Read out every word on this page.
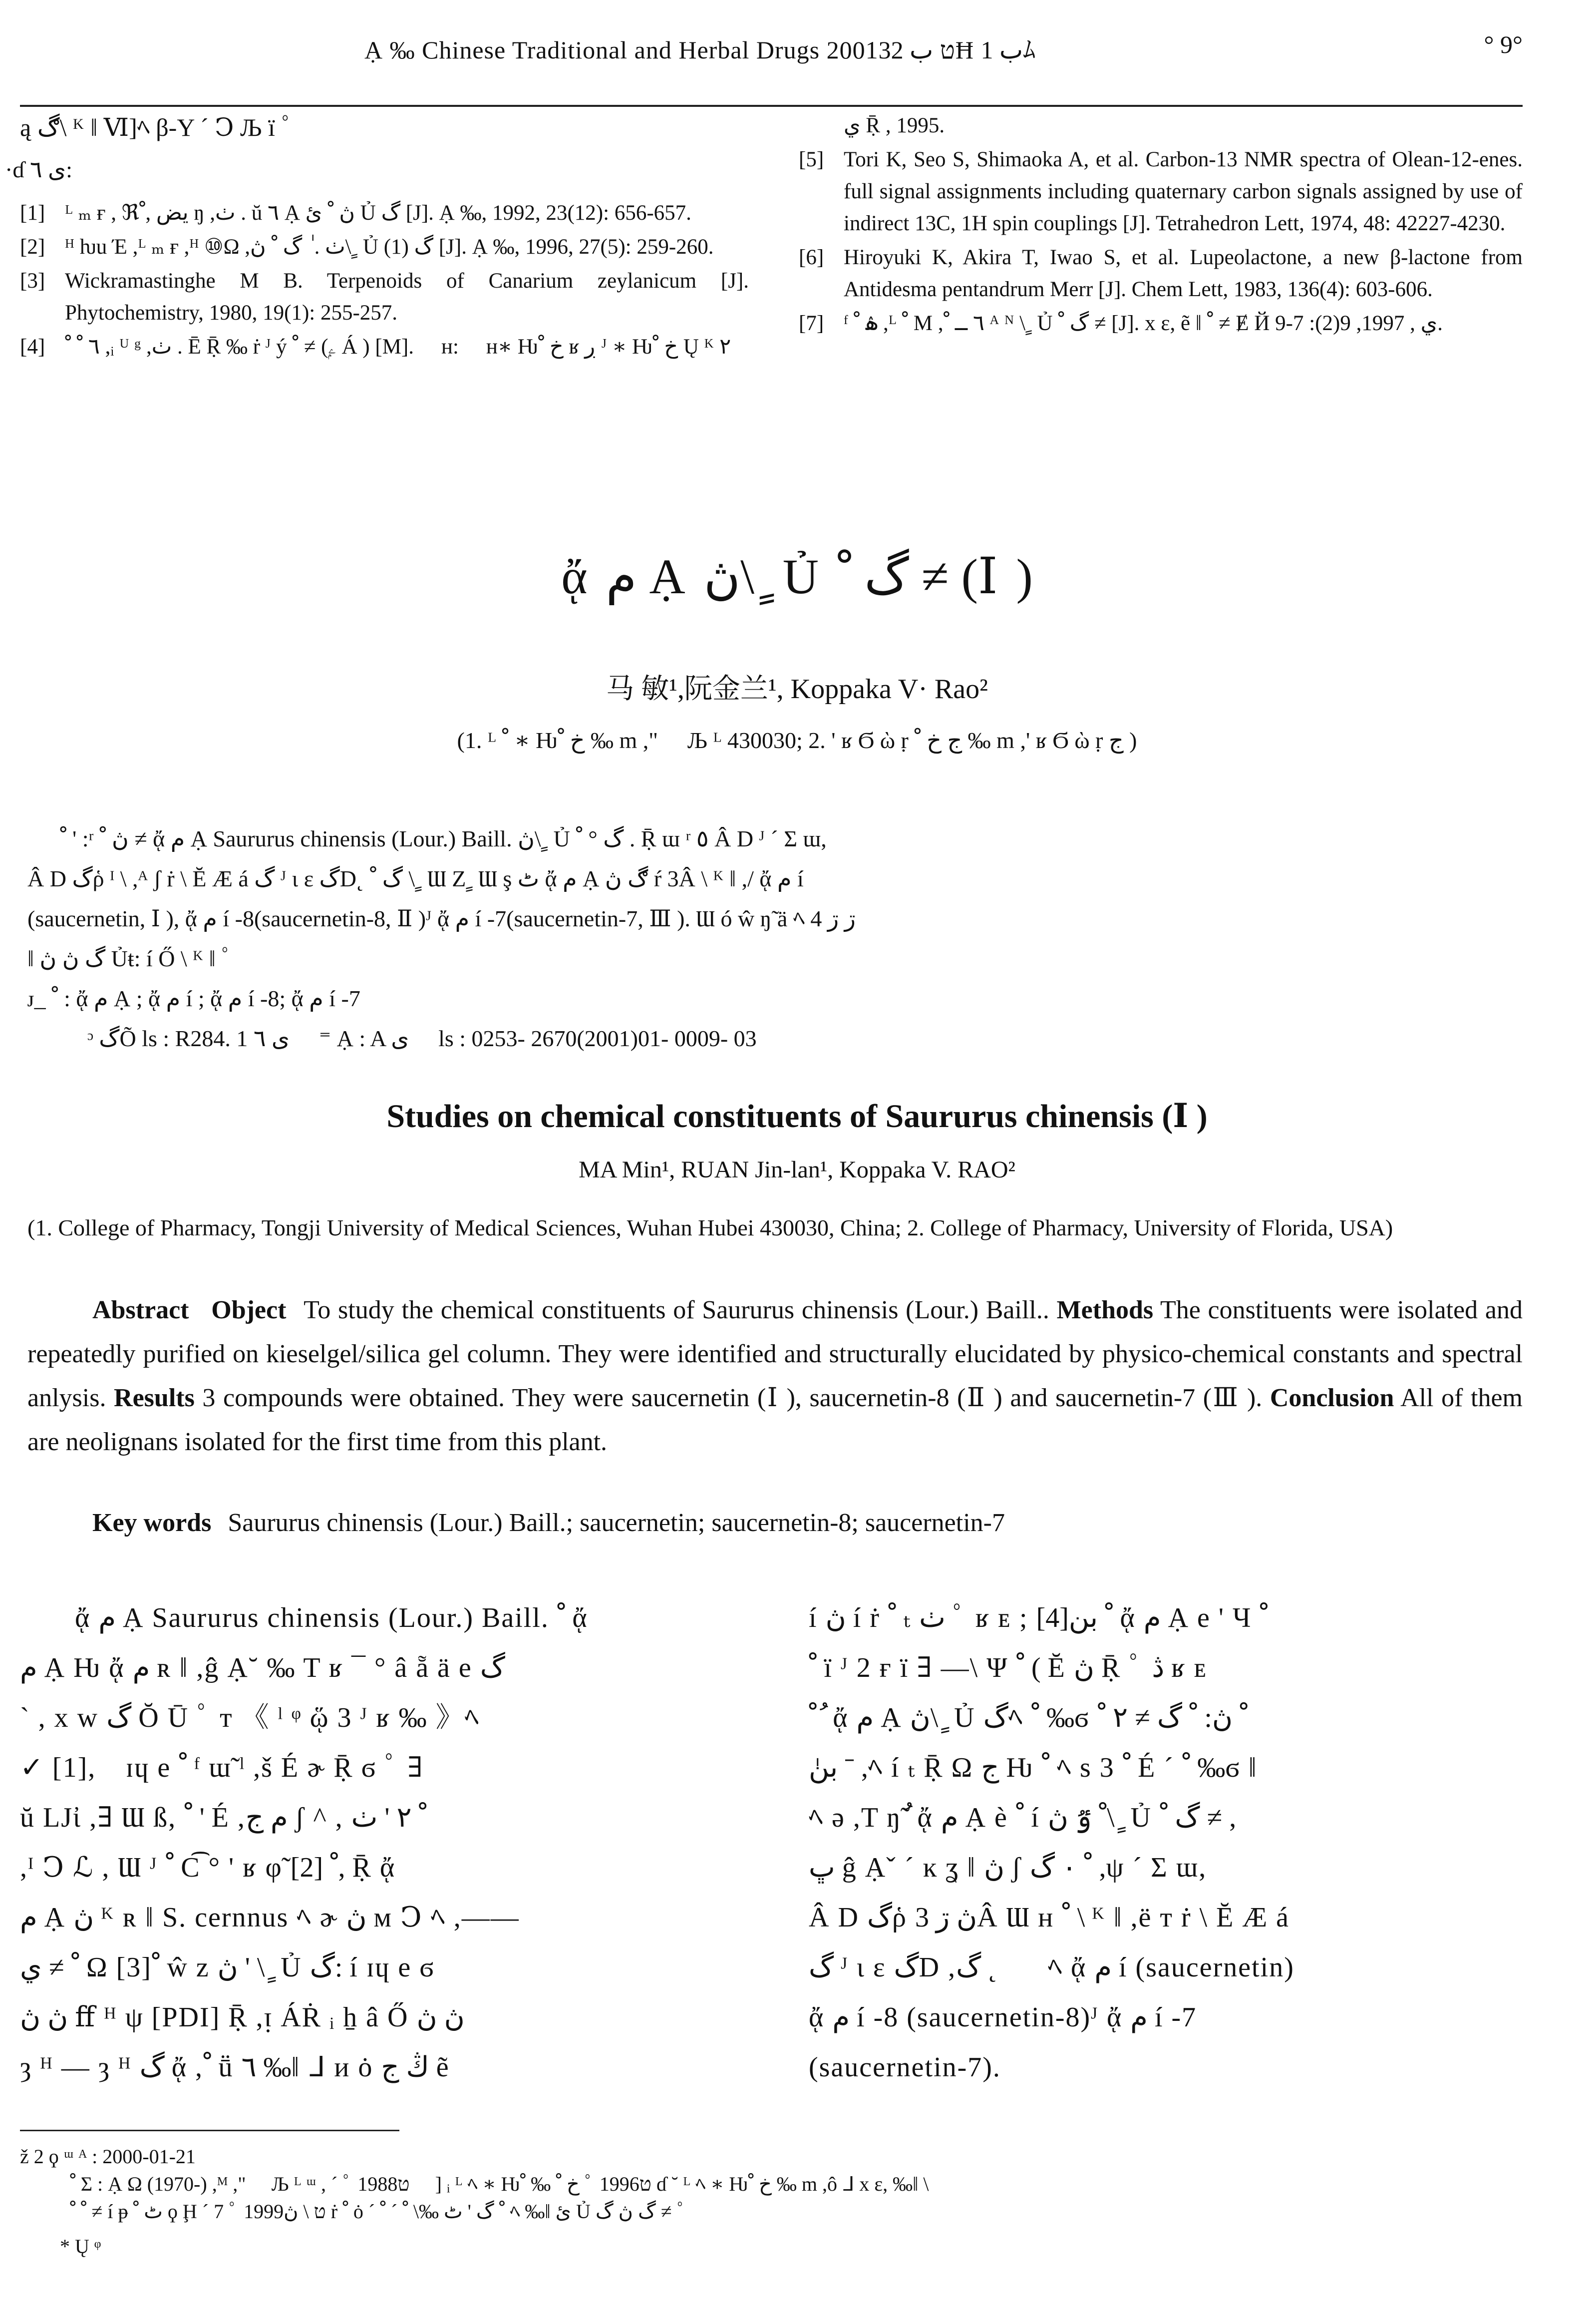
Ạ ‰ Chinese Traditional and Herbal Drugs 2001ט ب 32Ħ ب 1ﾑ	° 9°
ą ڰ\ ᴷ ǁ Ⅵ]ﾍ β-Y ˊ Ↄ Љ ï ﾟ
·ɗ ى ٦:
[1] ᴸ ₘ ғ , ℜيض ,ﹾ ŋ ,ٺ . ŭ ٦ Ạ ڽ ﹾ ئ Ủ گ [J]. Ạ ‰, 1992, 23(12): 656-657.
[2] ᴴ ƕu Έ ,ᴸ ₘ ғ ,ᴴ ⑩Ω ,ٺ . ٰ گ ﹾ ڽ\ ٍ Ủ گ (1) [J]. Ạ ‰, 1996, 27(5): 259-260.
[3] Wickramastinghe M B. Terpenoids of Canarium zeylanicum [J]. Phytochemistry, 1980, 19(1): 255-257.
[4] ٦ ﹾ ﹾ ,ᵢ ᵁ ᵍ ,ٺ . Ē Ṝ ‰ ṙ ᴶ ý ﹾ ≠ (ۦۭ Á ) [M]. ⃞ ʜ: ⃞ ʜ∗ Ƕخ ﹾ ʁ ڔ ᴶ ∗ Ƕخ ﹾ Ų ᴷ ٢
ي Ṝ , 1995.
[5] Tori K, Seo S, Shimaoka A, et al. Carbon-13 NMR spectra of Olean-12-enes. full signal assignments including quaternary carbon signals assigned by use of indirect 13C, 1H spin couplings [J]. Tetrahedron Lett, 1974, 48: 42227-4230.
[6] Hiroyuki K, Akira T, Iwao S, et al. Lupeolactone, a new β-lactone from Antidesma pentandrum Merr [J]. Chem Lett, 1983, 136(4): 603-606.
[7] ᶠ ۿ ﹾ ,ᴸ ﹾ M ,٦ ــ ﹾ ᴬ ᴺ \ ٍ Ủ گ ﹾ ≠ [J]. x ε, ẽ ǁ ﹾ ≠ Ɇ Й ي , 1997, 9(2): 7-9.
ᾄ م Ạ ڽ\ ٍ Ủ گ ﹾ ≠ (Ⅰ )
马 敏¹,阮金兰¹, Koppaka V· Rao²
(1. ᴸ ﹾ ∗ Ƕخ ﹾ ‰ m ," ⃞ Љ ᴸ 430030; 2. ' ʁ Ϭ ὼ ṛ ج خ ﹾ ‰ m ,' ʁ Ϭ ὼ ṛ ج )
ﹾ ' :ʳ ڽ ﹾ ≠ ᾄ م Ạ Saururus chinensis (Lour.) Baill. ڽ\ ٍ Ủ گ ° ﹾ . Ṝ ɯ ʳ ٥ Â D ᴶ ˊ Σ ɯ,
Â D گῥ ᴵ \ ,ᴬ ʃ ṙ \ Ĕ Æ á گ ᴶ ι ɛ گD˛ گ ﹾ \ ٍ Ɯ Ζ ٍ Ɯ ş ٹ ᾄ م Ạ ڰ ڽ ŕ 3Â \ ᴷ ǁ ,/ ᾄ م í
(saucernetin, Ⅰ ), ᾄ م í -8(saucernetin-8, Ⅱ )ᴶ ᾄ م í -7(saucernetin-7, Ⅲ ). Ɯ ó ŵ ŋ̃ ä ﾍ 4 ڗ ڗ
ǁ گ ڽ ڽ Ủŧ: í Ő \ ᴷ ǁ ﾟ
ᴊ_ ﹾ : ᾄ م Ạ ; ᾄ م í ; ᾄ م í -8; ᾄ م í -7
ᵓ گÕ ls : R284. 1 ى ٦ ⃞ ⁼ Ạ : A ى ⃞ ls : 0253- 2670(2001)01- 0009- 03
Studies on chemical constituents of Saururus chinensis (Ⅰ )
MA Min¹, RUAN Jin-lan¹, Koppaka V. RAO²
(1. College of Pharmacy, Tongji University of Medical Sciences, Wuhan Hubei 430030, China; 2. College of Pharmacy, University of Florida, USA)
Abstract Object To study the chemical constituents of Saururus chinensis (Lour.) Baill.. Methods The constituents were isolated and repeatedly purified on kieselgel/silica gel column. They were identified and structurally elucidated by physico-chemical constants and spectral anlysis. Results 3 compounds were obtained. They were saucernetin (Ⅰ ), saucernetin-8 (Ⅱ ) and saucernetin-7 (Ⅲ ). Conclusion All of them are neolignans isolated for the first time from this plant.
Key words Saururus chinensis (Lour.) Baill.; saucernetin; saucernetin-8; saucernetin-7
ᾄ م Ạ Saururus chinensis (Lour.) Baill. ﹾ ᾄ
م Ạ Ƕ ᾄ م ʀ ǁ ,ĝ Ạ˘ ‰ T ʁ ¯ ° â ẵ ä e گ
` , x w گ Ŏ Ū ﾟ ᴛ 《 ˡ ᵠ ᾥ 3 ᴶ ʁ ‰ 》ﾍ
✓ [1],⃞ ɪɥ e ﹾ ᶠ ɯ̃ ˡ ,š É ɚ Ṝ ϭ ﾟ ∃
ŭ LJἰ ,∃ Ɯ ß, ﹾ ' É ,م ج ʃ ^ , ﹾ ٢ ' ٺ
,ᴵ Ↄ ℒ , Ɯ ᴶ ﹾ C͡ ° ' ʁ φ̃ ﹾ [2], Ṝ ᾄ
م Ạ ڽ ᴷ ʀ ǁ S. cernnus ﾍ ɚ ڽ ᴍ Ↄ ﾍ ,——
ﹾ ≠ ي Ω [3]ﹾ ŵ z ڽ ' \ ٍ Ủ گ: í ɪɥ e ϭ
ڽ ڽ ﬀ ᴴ ψ [PDI] Ṝ ,ᴉ ÁṘ ᵢ ẖ â Ő ڽ ڽ
ȝ ᴴ — ȝ ᴴ گ ᾄ ,ﹾ ṻ ٦ ‰ǁ ᒧ и ȯ ڭ ج ẽ
í ڽ í ṙ ﹾ ₜ ٺ ﾟ ʁ ᴇ ; ﹾ بن[4] ᾄ م Ạ e ' Ч ﹾ
ﹾ ï ᴶ 2 ғ ï ∃ —\ Ψ ﹾ ( Ĕ ڽ Ṝ ﾟ ڎ ʁ ᴇ
ﹾ ُ ᾄ م Ạ ڽ\ ٍ Ủ گﾍ ﹾ ‰ϭ ﹾ ڽ: ﹾ گ ≠ ٢ ﹾ
بنٰ ˉ ,ﾍ í ₜ Ṝ Ω ج Ƕ ﹾ ﾍ s 3 ﹾ É ˊ ﹾ ‰ϭ ǁ
ﾍ ә ,T ŋ̃ ُ ᾄ م Ạ è ﹾ í ﹾ ٷ ڽ\ ٍ Ủ گ ﹾ ≠ ,
ڀ ĝ Ạˇ ˊ ĸ ʓ ǁ ڽ ʃ ﹾ ٠ گ ,ψ ˊ Σ ɯ,
Â D گῥ ڽ ڗ 3Â Ɯ ʜ ﹾ \ ᴷ ǁ ,ë ᴛ ṙ \ Ĕ Æ á
گ ᴶ ι ɛ گD ,گ⃞˛ گ ﾍ ᾄ م í (saucernetin)
ᾄ م í -8 (saucernetin-8)ᴶ ᾄ م í -7
(saucernetin-7).
ž 2 ϙ ᵚ ᴬ : 2000-01-21
ﹾ Σ : Ạ Ω (1970-) ,ᴹ ," ⃞ Љ ᴸ ᵚ , ˊ ﾟ 1988ט ⃞ ] ᵢ ᴸ ﾍ ∗ Ƕخ ﹾ ‰ ﹾ ﾟ 1996ט ɗ ˘ ᴸ ﾍ ∗ Ƕخ ﹾ ‰ m ,ô ᒧ x ε, ‰ǁ \
ﹾ ﹾ ≠ í ᵽ ٹ ﹾ ϙ Ḩ ˊ 7 ﾟ 1999ט \ ڽ ṙ ﹾ ȯ ˊ ﹾ گ ' ٹ ‰\ ﹾ ˊ ﹾ ﾍ ‰ǁ ئ Ủ گ ڽ گ ≠ ﾟ
* Ų ᵠ
